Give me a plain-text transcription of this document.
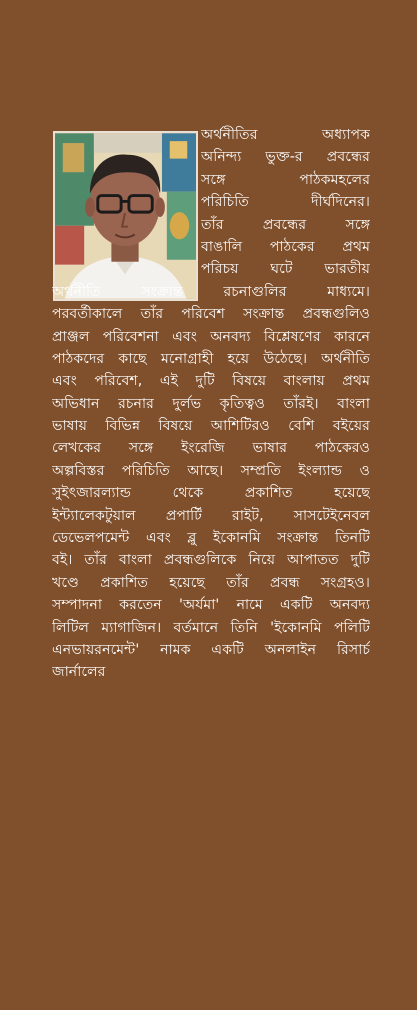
অর্থনীতির অধ্যাপক
অনিন্দ্য ভুক্ত-র প্রবন্ধের
সঙ্গে পাঠকমহলের
পরিচিতি দীর্ঘদিনের।
তাঁর প্রবন্ধের সঙ্গে
বাঙালি পাঠকের প্রথম
পরিচয় ঘটে ভারতীয়
অর্থনীতি সংক্রান্ত রচনাগুলির মাধ্যমে।
পরবর্তীকালে তাঁর পরিবেশ সংক্রান্ত প্রবন্ধগুলিও
প্রাঞ্জল পরিবেশনা এবং অনবদ্য বিশ্লেষণের কারনে
পাঠকদের কাছে মনোগ্রাহী হয়ে উঠেছে। অর্থনীতি
এবং পরিবেশ, এই দুটি বিষয়ে বাংলায় প্রথম
অভিধান রচনার দুর্লভ কৃতিত্বও তাঁরই। বাংলা
ভাষায় বিভিন্ন বিষয়ে আশিটিরও বেশি বইয়ের
লেখকের সঙ্গে ইংরেজি ভাষার পাঠকেরও
অল্পবিস্তর পরিচিতি আছে। সম্প্রতি ইংল্যান্ড ও
সুইৎজারল্যান্ড থেকে প্রকাশিত হয়েছে
ইন্ট্যালেকটুয়াল প্রপার্টি রাইট, সাসটেইনেবল
ডেভেলপমেন্ট এবং ব্লু ইকোনমি সংক্রান্ত তিনটি
বই। তাঁর বাংলা প্রবন্ধগুলিকে নিয়ে আপাতত দুটি
খণ্ডে প্রকাশিত হয়েছে তাঁর প্রবন্ধ সংগ্রহও।
সম্পাদনা করতেন 'অর্যমা' নামে একটি অনবদ্য
লিটিল ম্যাগাজিন। বর্তমানে তিনি 'ইকোনমি পলিটি
এনভায়রনমেন্ট' নামক একটি অনলাইন রিসার্চ
জার্নালের
